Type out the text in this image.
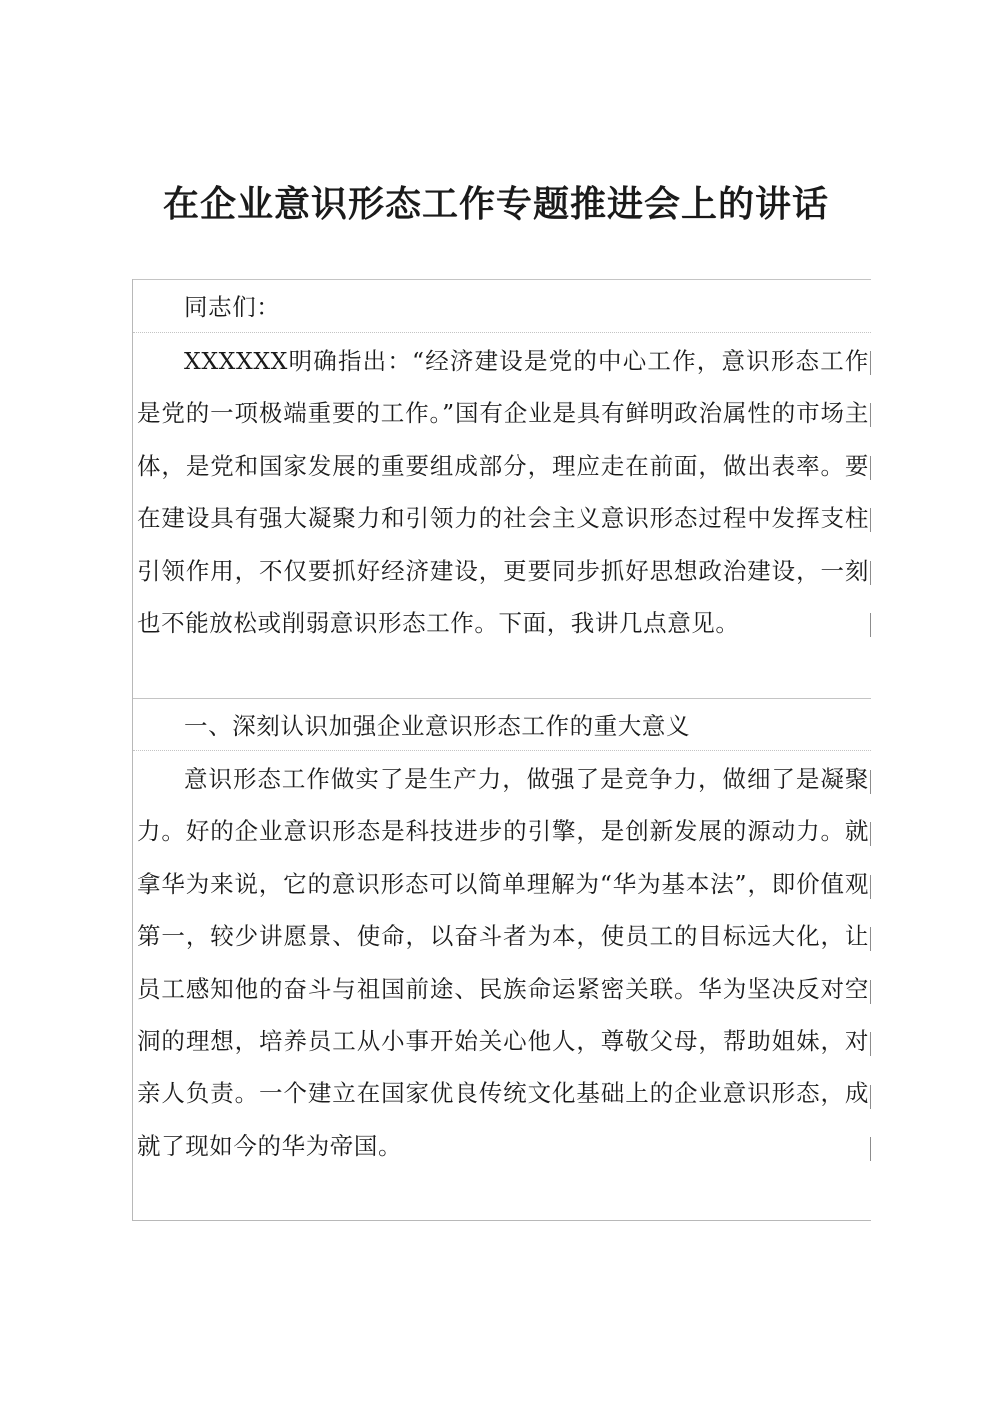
在企业意识形态工作专题推进会上的讲话

同志们：

XXXXXX明确指出：“经济建设是党的中心工作，意识形态工作是党的一项极端重要的工作。”国有企业是具有鲜明政治属性的市场主体，是党和国家发展的重要组成部分，理应走在前面，做出表率。要在建设具有强大凝聚力和引领力的社会主义意识形态过程中发挥支柱引领作用，不仅要抓好经济建设，更要同步抓好思想政治建设，一刻也不能放松或削弱意识形态工作。下面，我讲几点意见。

一、深刻认识加强企业意识形态工作的重大意义

意识形态工作做实了是生产力，做强了是竞争力，做细了是凝聚力。好的企业意识形态是科技进步的引擎，是创新发展的源动力。就拿华为来说，它的意识形态可以简单理解为“华为基本法”，即价值观第一，较少讲愿景、使命，以奋斗者为本，使员工的目标远大化，让员工感知他的奋斗与祖国前途、民族命运紧密关联。华为坚决反对空洞的理想，培养员工从小事开始关心他人，尊敬父母，帮助姐妹，对亲人负责。一个建立在国家优良传统文化基础上的企业意识形态，成就了现如今的华为帝国。
